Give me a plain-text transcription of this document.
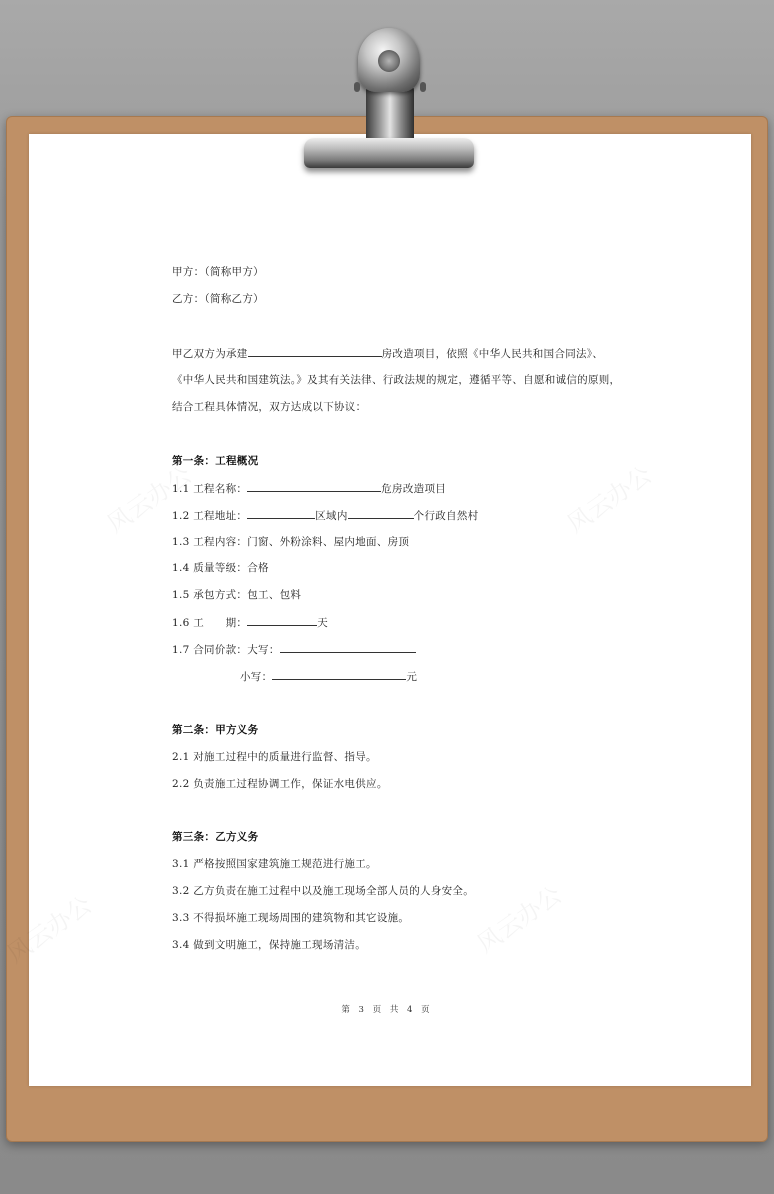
甲方：（简称甲方）
乙方：（简称乙方）
甲乙双方为承建	房改造项目，依照《中华人民共和国合同法》、
《中华人民共和国建筑法。》及其有关法律、行政法规的规定，遵循平等、自愿和诚信的原则，
结合工程具体情况，双方达成以下协议：
第一条：工程概况
1.1 工程名称：	危房改造项目
1.2 工程地址：	区域内	个行政自然村
1.3 工程内容：门窗、外粉涂料、屋内地面、房顶
1.4 质量等级：合格
1.5 承包方式：包工、包料
1.6 工　　期：	天
1.7 合同价款：大写：
小写：	元
第二条：甲方义务
2.1 对施工过程中的质量进行监督、指导。
2.2 负责施工过程协调工作，保证水电供应。
第三条：乙方义务
3.1 严格按照国家建筑施工规范进行施工。
3.2 乙方负责在施工过程中以及施工现场全部人员的人身安全。
3.3 不得损坏施工现场周围的建筑物和其它设施。
3.4 做到文明施工，保持施工现场清洁。
第 3 页 共 4 页
